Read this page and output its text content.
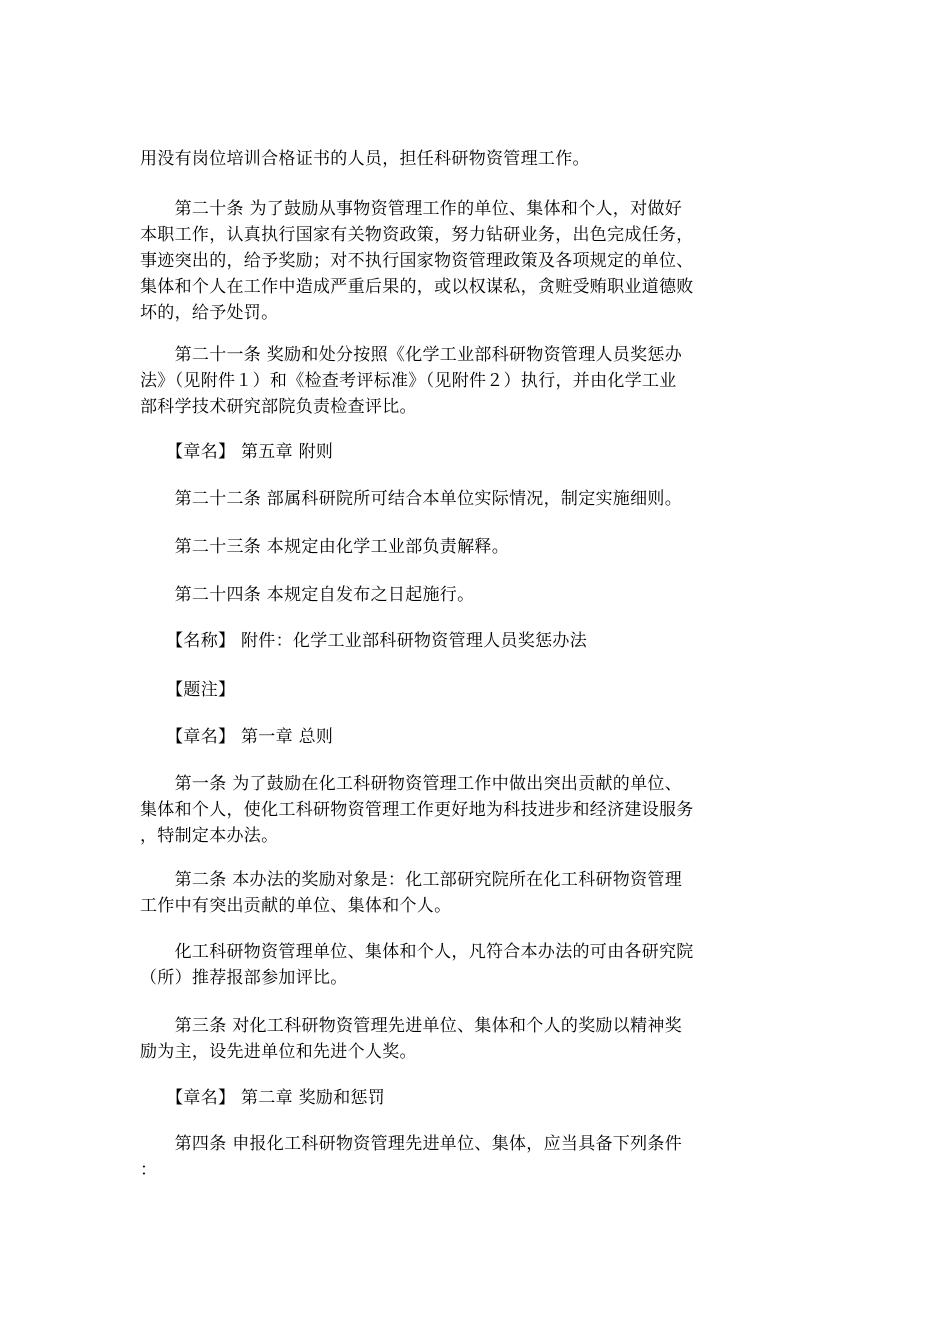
用没有岗位培训合格证书的人员，担任科研物资管理工作。

　　第二十条 为了鼓励从事物资管理工作的单位、集体和个人，对做好
本职工作，认真执行国家有关物资政策，努力钻研业务，出色完成任务，
事迹突出的，给予奖励；对不执行国家物资管理政策及各项规定的单位、
集体和个人在工作中造成严重后果的，或以权谋私，贪赃受贿职业道德败
坏的，给予处罚。

　　第二十一条 奖励和处分按照《化学工业部科研物资管理人员奖惩办
法》（见附件１）和《检查考评标准》（见附件２）执行，并由化学工业
部科学技术研究部院负责检查评比。

　　【章名】 第五章 附则

　　第二十二条 部属科研院所可结合本单位实际情况，制定实施细则。

　　第二十三条 本规定由化学工业部负责解释。

　　第二十四条 本规定自发布之日起施行。

　　【名称】 附件：化学工业部科研物资管理人员奖惩办法

　　【题注】

　　【章名】 第一章 总则

　　第一条 为了鼓励在化工科研物资管理工作中做出突出贡献的单位、
集体和个人，使化工科研物资管理工作更好地为科技进步和经济建设服务
，特制定本办法。

　　第二条 本办法的奖励对象是：化工部研究院所在化工科研物资管理
工作中有突出贡献的单位、集体和个人。

　　化工科研物资管理单位、集体和个人，凡符合本办法的可由各研究院
（所）推荐报部参加评比。

　　第三条 对化工科研物资管理先进单位、集体和个人的奖励以精神奖
励为主，设先进单位和先进个人奖。

　　【章名】 第二章 奖励和惩罚

　　第四条 申报化工科研物资管理先进单位、集体，应当具备下列条件
：
